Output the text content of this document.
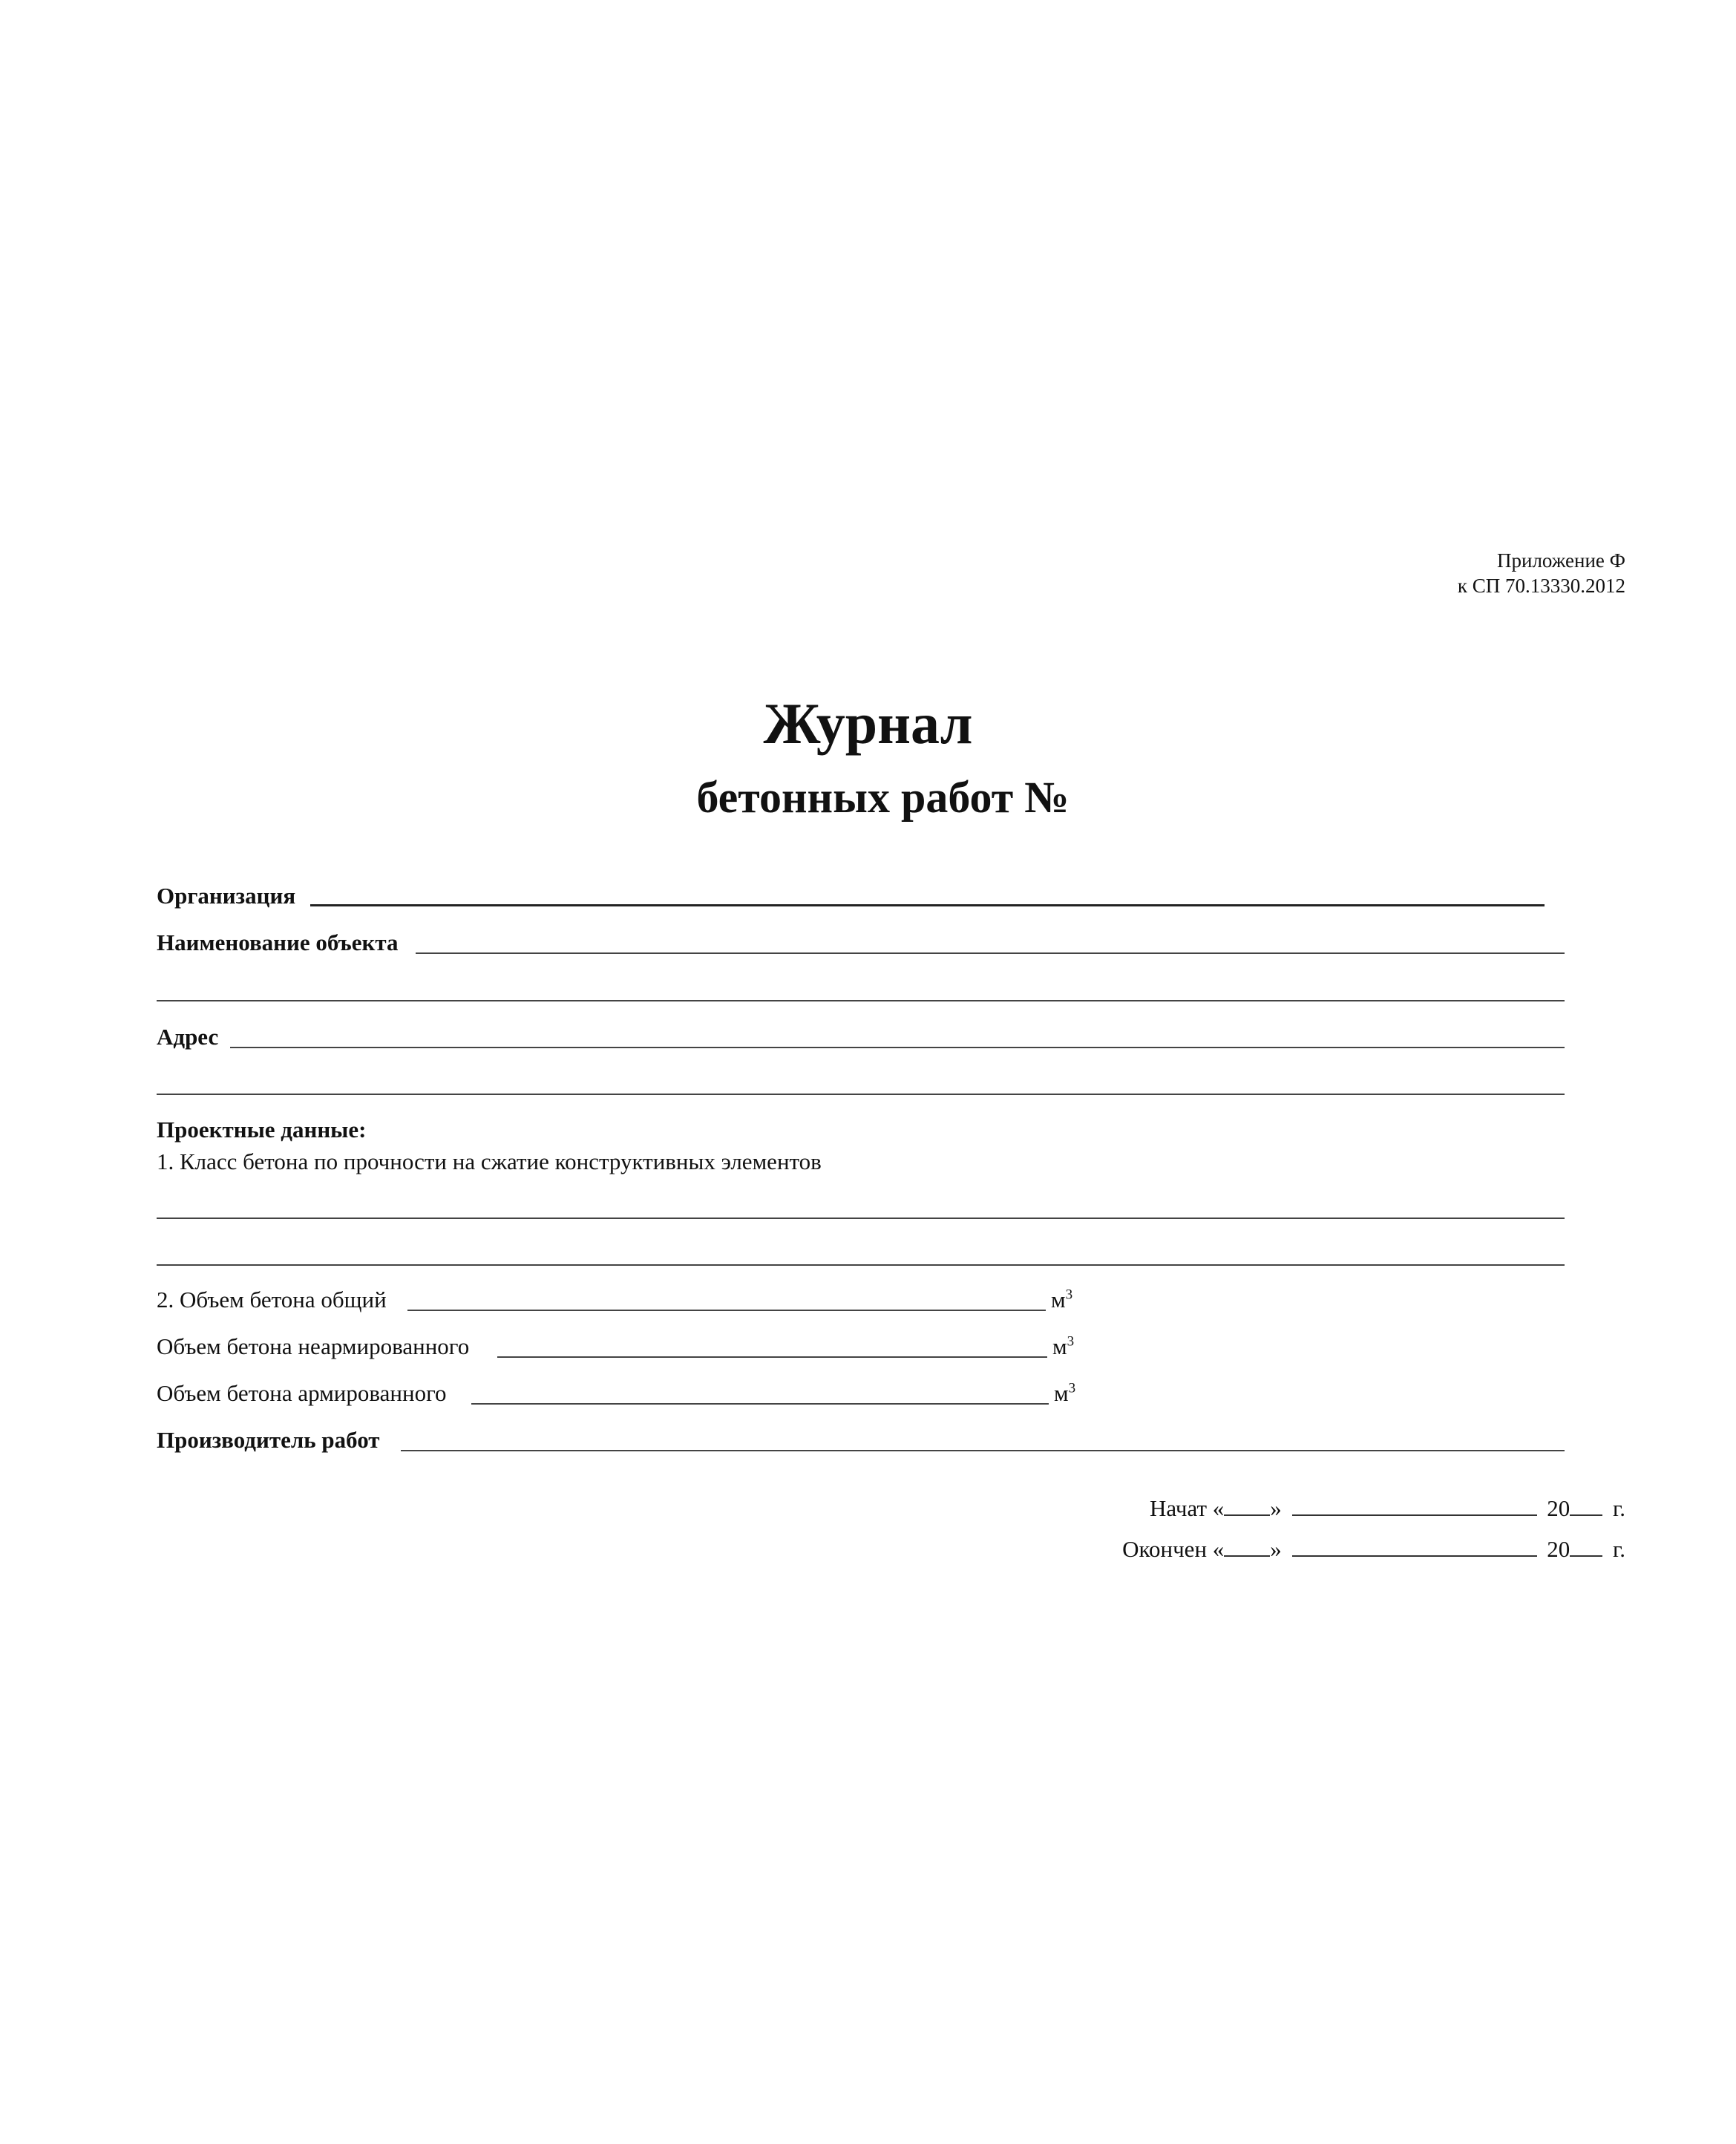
Приложение Ф
к СП 70.13330.2012
Журнал
бетонных работ №
Организация
Наименование объекта
Адрес
Проектные данные:
1. Класс бетона по прочности на сжатие конструктивных элементов
2. Объем бетона общий	$м^3$
Объем бетона неармированного	$м^3$
Объем бетона армированного	$м^3$
Производитель работ
Начат « »	20 г.
Окончен « »	20 г.
